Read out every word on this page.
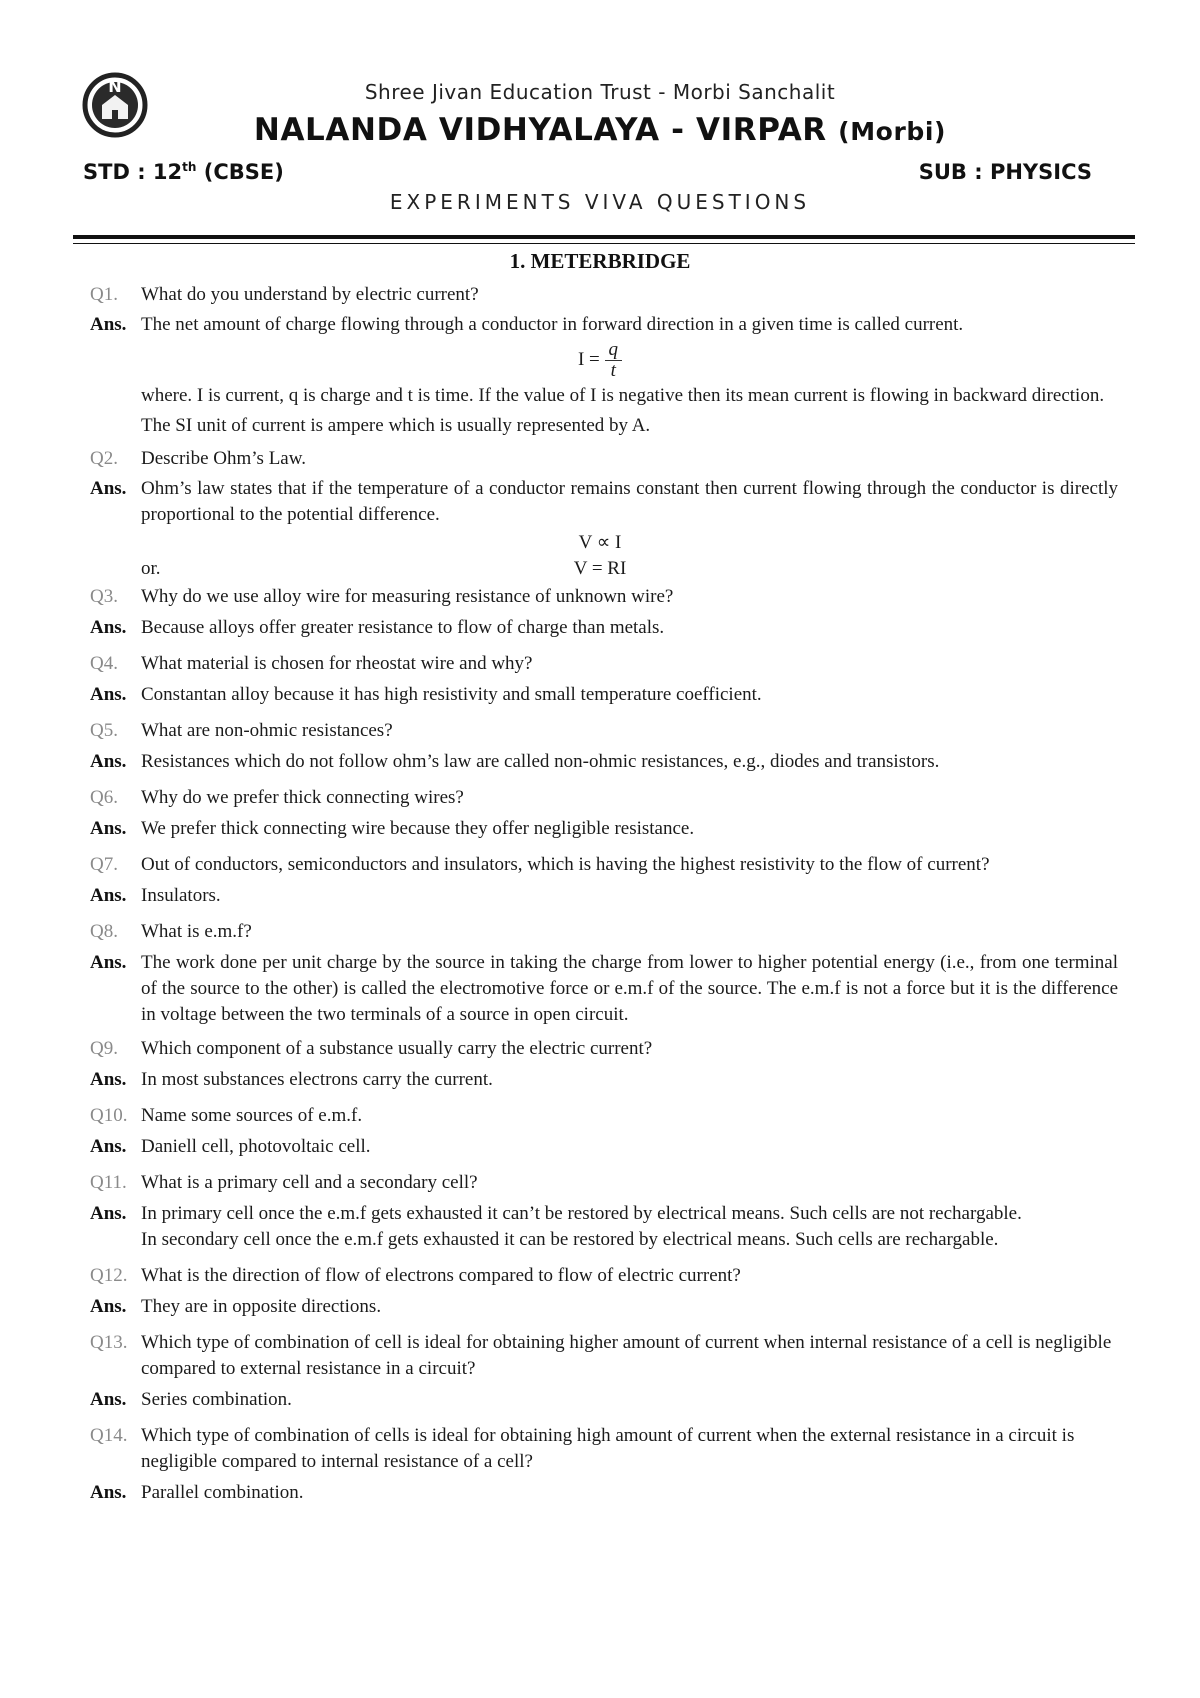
N	Shree Jivan Education Trust - Morbi Sanchalit
NALANDA VIDHYALAYA - VIRPAR (Morbi)
STD : 12th (CBSE)	SUB : PHYSICS
EXPERIMENTS VIVA QUESTIONS
1. METERBRIDGE
Q1. What do you understand by electric current?
Ans. The net amount of charge flowing through a conductor in forward direction in a given time is called current.
$I = \frac{q}{t}$
where. I is current, q is charge and t is time. If the value of I is negative then its mean current is flowing in backward direction.
The SI unit of current is ampere which is usually represented by A.
Q2. Describe Ohm’s Law.
Ans. Ohm’s law states that if the temperature of a conductor remains constant then current flowing through the conductor is directly proportional to the potential difference.
V ∝ I
or.	V = RI
Q3. Why do we use alloy wire for measuring resistance of unknown wire?
Ans. Because alloys offer greater resistance to flow of charge than metals.
Q4. What material is chosen for rheostat wire and why?
Ans. Constantan alloy because it has high resistivity and small temperature coefficient.
Q5. What are non-ohmic resistances?
Ans. Resistances which do not follow ohm’s law are called non-ohmic resistances, e.g., diodes and transistors.
Q6. Why do we prefer thick connecting wires?
Ans. We prefer thick connecting wire because they offer negligible resistance.
Q7. Out of conductors, semiconductors and insulators, which is having the highest resistivity to the flow of current?
Ans. Insulators.
Q8. What is e.m.f?
Ans. The work done per unit charge by the source in taking the charge from lower to higher potential energy (i.e., from one terminal of the source to the other) is called the electromotive force or e.m.f of the source. The e.m.f is not a force but it is the difference in voltage between the two terminals of a source in open circuit.
Q9. Which component of a substance usually carry the electric current?
Ans. In most substances electrons carry the current.
Q10. Name some sources of e.m.f.
Ans. Daniell cell, photovoltaic cell.
Q11. What is a primary cell and a secondary cell?
Ans. In primary cell once the e.m.f gets exhausted it can’t be restored by electrical means. Such cells are not rechargable.
In secondary cell once the e.m.f gets exhausted it can be restored by electrical means. Such cells are rechargable.
Q12. What is the direction of flow of electrons compared to flow of electric current?
Ans. They are in opposite directions.
Q13. Which type of combination of cell is ideal for obtaining higher amount of current when internal resistance of a cell is negligible compared to external resistance in a circuit?
Ans. Series combination.
Q14. Which type of combination of cells is ideal for obtaining high amount of current when the external resistance in a circuit is negligible compared to internal resistance of a cell?
Ans. Parallel combination.
